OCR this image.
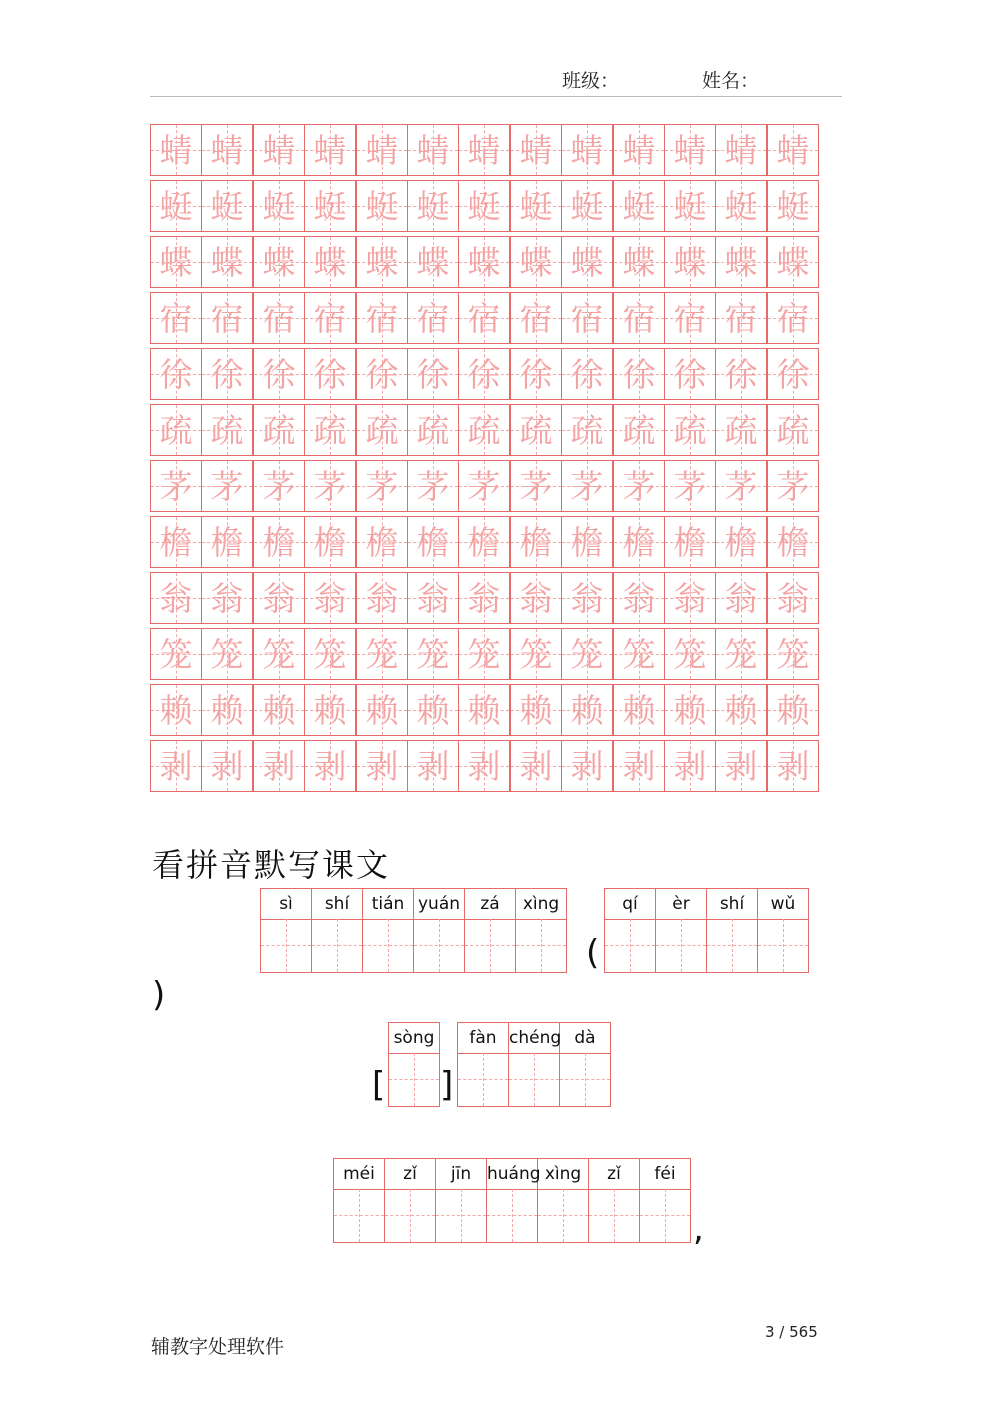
班级：	姓名：
蜻 蜻 蜻 蜻 蜻 蜻 蜻 蜻 蜻 蜻 蜻 蜻 蜻
蜓 蜓 蜓 蜓 蜓 蜓 蜓 蜓 蜓 蜓 蜓 蜓 蜓
蝶 蝶 蝶 蝶 蝶 蝶 蝶 蝶 蝶 蝶 蝶 蝶 蝶
宿 宿 宿 宿 宿 宿 宿 宿 宿 宿 宿 宿 宿
徐 徐 徐 徐 徐 徐 徐 徐 徐 徐 徐 徐 徐
疏 疏 疏 疏 疏 疏 疏 疏 疏 疏 疏 疏 疏
茅 茅 茅 茅 茅 茅 茅 茅 茅 茅 茅 茅 茅
檐 檐 檐 檐 檐 檐 檐 檐 檐 檐 檐 檐 檐
翁 翁 翁 翁 翁 翁 翁 翁 翁 翁 翁 翁 翁
笼 笼 笼 笼 笼 笼 笼 笼 笼 笼 笼 笼 笼
赖 赖 赖 赖 赖 赖 赖 赖 赖 赖 赖 赖 赖
剥 剥 剥 剥 剥 剥 剥 剥 剥 剥 剥 剥 剥
看拼音默写课文
sì	shí	tián yuán	zá	xìng
(
qí	èr	shí	wǔ
)
[
sòng
]
fàn chéng dà
méi	zǐ	jīn huáng xìng	zǐ	féi
,
辅教字处理软件
3 / 565
